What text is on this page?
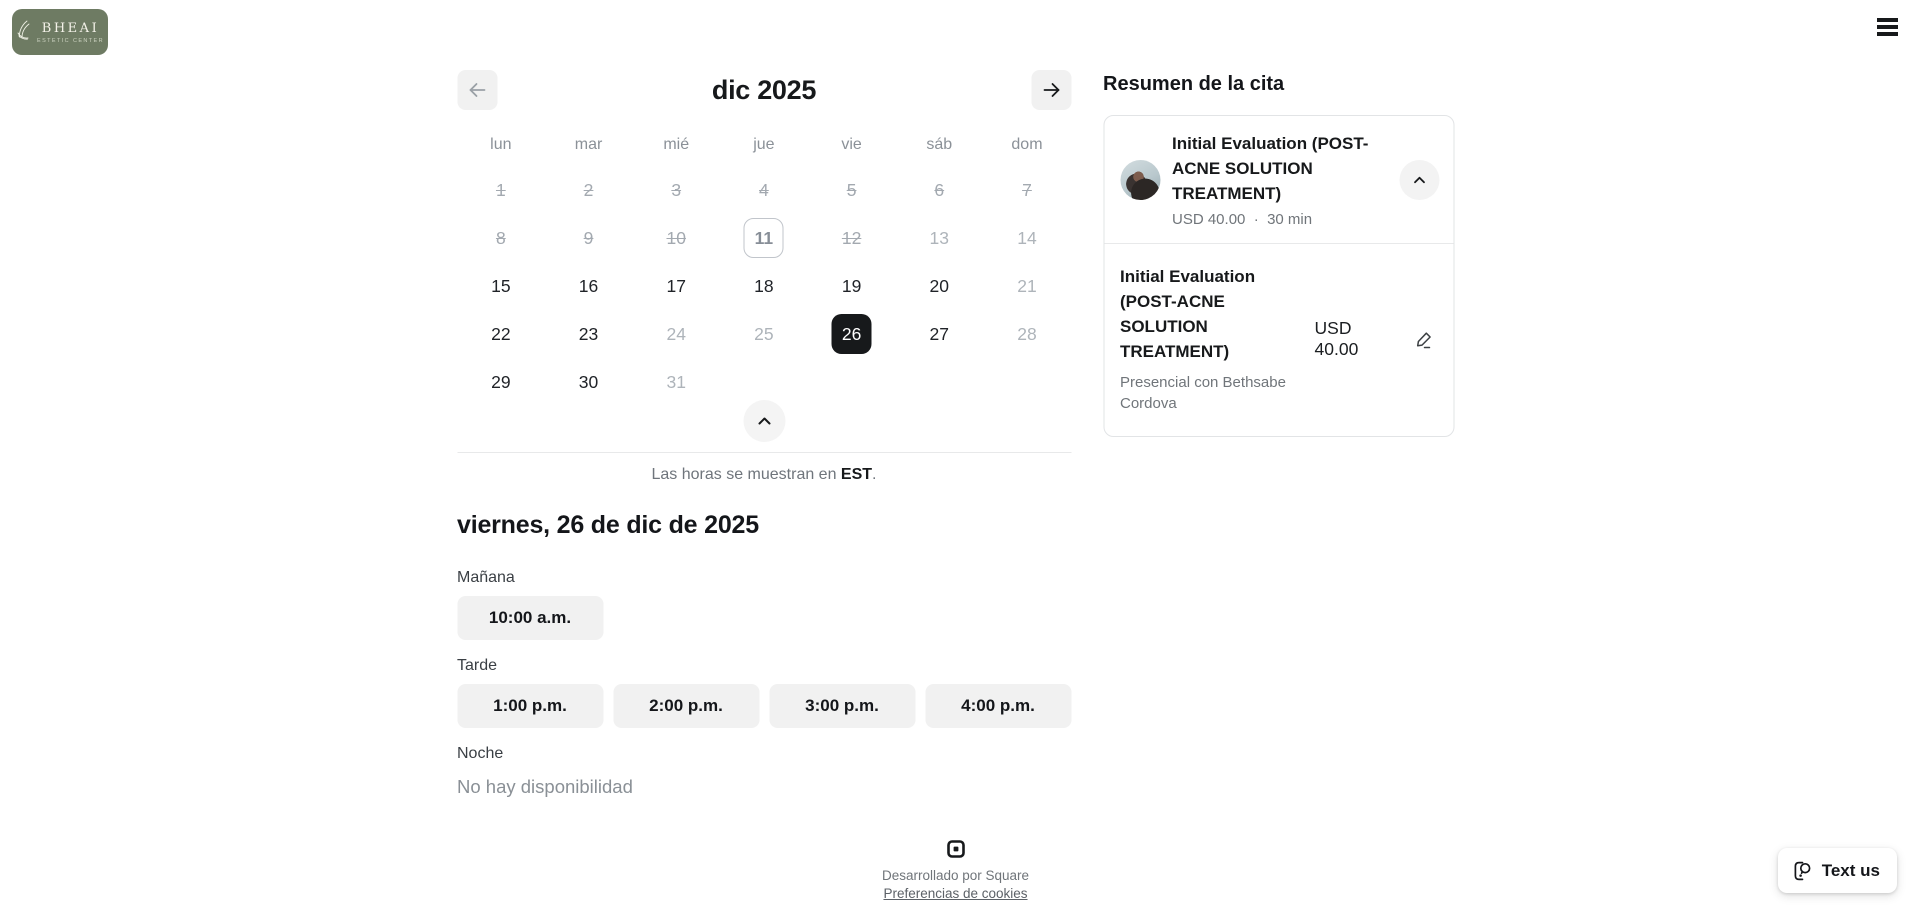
BHEAI
ESTETIC CENTER
dic 2025
lun	mar	mié	jue	vie	sáb	dom
1	2	3	4	5	6	7
8	9	10	11	12	13	14
15	16	17	18	19	20	21
22	23	24	25	26	27	28
29	30	31
Las horas se muestran en EST.
viernes, 26 de dic de 2025
Mañana
10:00 a.m.
Tarde
1:00 p.m.	2:00 p.m.	3:00 p.m.	4:00 p.m.
Noche
No hay disponibilidad
Resumen de la cita
Initial Evaluation (POST-ACNE SOLUTION TREATMENT)
USD 40.00 · 30 min
Initial Evaluation (POST-ACNE SOLUTION TREATMENT)
Presencial con Bethsabe Cordova
USD 40.00
Desarrollado por Square
Preferencias de cookies
Text us
